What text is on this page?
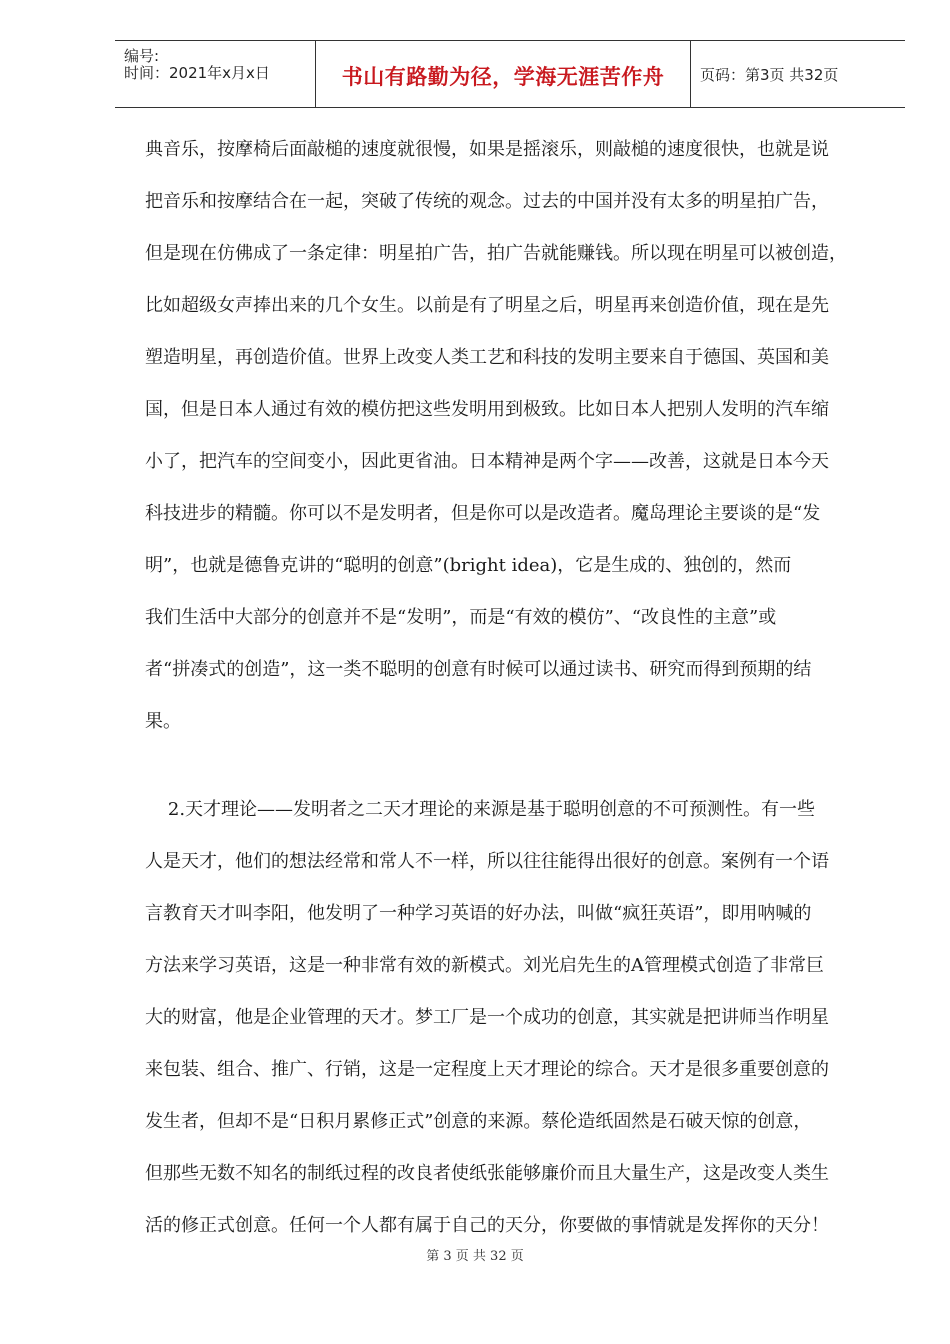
编号:
时间：2021年x月x日	书山有路勤为径，学海无涯苦作舟	页码：第3页 共32页

典音乐，按摩椅后面敲槌的速度就很慢，如果是摇滚乐，则敲槌的速度很快，也就是说
把音乐和按摩结合在一起，突破了传统的观念。过去的中国并没有太多的明星拍广告，
但是现在仿佛成了一条定律：明星拍广告，拍广告就能赚钱。所以现在明星可以被创造，
比如超级女声捧出来的几个女生。以前是有了明星之后，明星再来创造价值，现在是先
塑造明星，再创造价值。世界上改变人类工艺和科技的发明主要来自于德国、英国和美
国，但是日本人通过有效的模仿把这些发明用到极致。比如日本人把别人发明的汽车缩
小了，把汽车的空间变小，因此更省油。日本精神是两个字——改善，这就是日本今天
科技进步的精髓。你可以不是发明者，但是你可以是改造者。魔岛理论主要谈的是“发
明”，也就是德鲁克讲的“聪明的创意”(bright idea)，它是生成的、独创的，然而
我们生活中大部分的创意并不是“发明”，而是“有效的模仿”、“改良性的主意”或
者“拼凑式的创造”，这一类不聪明的创意有时候可以通过读书、研究而得到预期的结
果。

2.天才理论——发明者之二天才理论的来源是基于聪明创意的不可预测性。有一些
人是天才，他们的想法经常和常人不一样，所以往往能得出很好的创意。案例有一个语
言教育天才叫李阳，他发明了一种学习英语的好办法，叫做“疯狂英语”，即用呐喊的
方法来学习英语，这是一种非常有效的新模式。刘光启先生的A管理模式创造了非常巨
大的财富，他是企业管理的天才。梦工厂是一个成功的创意，其实就是把讲师当作明星
来包装、组合、推广、行销，这是一定程度上天才理论的综合。天才是很多重要创意的
发生者，但却不是“日积月累修正式”创意的来源。蔡伦造纸固然是石破天惊的创意，
但那些无数不知名的制纸过程的改良者使纸张能够廉价而且大量生产，这是改变人类生
活的修正式创意。任何一个人都有属于自己的天分，你要做的事情就是发挥你的天分！

第 3 页 共 32 页
